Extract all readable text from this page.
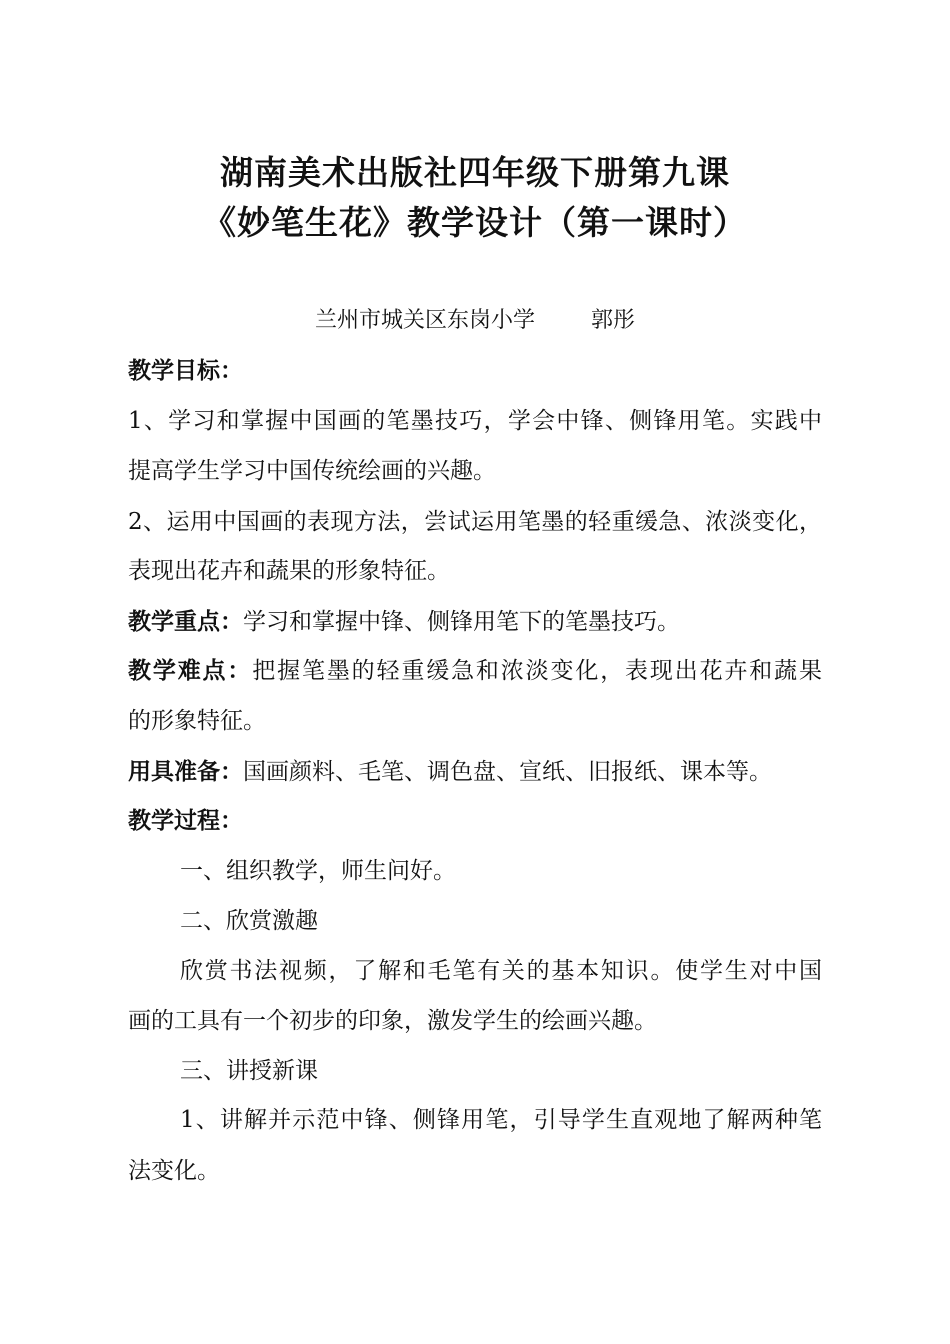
湖南美术出版社四年级下册第九课
《妙笔生花》教学设计（第一课时）
兰州市城关区东岗小学	郭彤
教学目标：
1、学习和掌握中国画的笔墨技巧，学会中锋、侧锋用笔。实践中
提高学生学习中国传统绘画的兴趣。
2、运用中国画的表现方法，尝试运用笔墨的轻重缓急、浓淡变化，
表现出花卉和蔬果的形象特征。
教学重点：学习和掌握中锋、侧锋用笔下的笔墨技巧。
教学难点：把握笔墨的轻重缓急和浓淡变化，表现出花卉和蔬果
的形象特征。
用具准备：国画颜料、毛笔、调色盘、宣纸、旧报纸、课本等。
教学过程：
一、组织教学，师生问好。
二、欣赏激趣
欣赏书法视频，了解和毛笔有关的基本知识。使学生对中国
画的工具有一个初步的印象，激发学生的绘画兴趣。
三、讲授新课
1、讲解并示范中锋、侧锋用笔，引导学生直观地了解两种笔
法变化。
